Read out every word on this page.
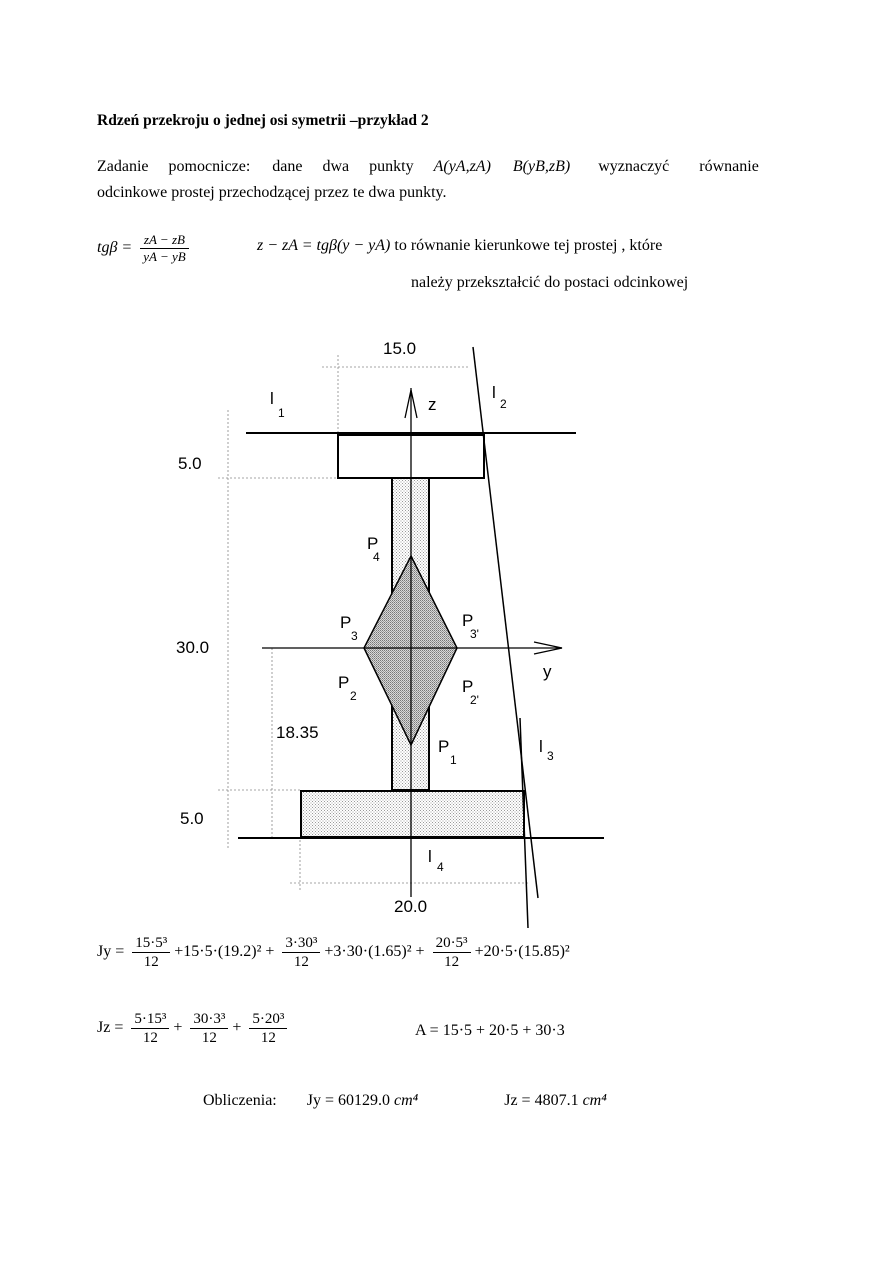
Rdzeń przekroju o jednej osi symetrii –przykład 2
Zadanie pomocnicze: dane dwa punkty A(yA,zA) B(yB,zB) wyznaczyć równanie
odcinkowe prostej przechodzącej przez te dwa punkty.
$tg\beta = \frac{zA - zB}{yA - yB}$	z − zA = tgβ(y − yA) to równanie kierunkowe tej prostej , które
należy przekształcić do postaci odcinkowej
15.0
5.0
30.0
18.35
5.0
20.0
z
y
l
1
l
2
l 3
l
4
P
1
P
2	P
2'
P
3
P
3'
P
4
$Jy = \frac{\text{15·5³}}{12} +15\cdot 5\cdot(19.2)^2 + \frac{\text{3·30³}}{12} +3\cdot 30\cdot(1.65)^2 + \frac{\text{20·5³}}{12} +20\cdot 5\cdot(15.85)^2$
$Jz = \frac{\text{5·15³}}{12} + \frac{\text{30·3³}}{12} + \frac{\text{5·20³}}{12}$	A = 15·5 + 20·5 + 30·3
Obliczenia: Jy = 60129.0 cm⁴	Jz = 4807.1 cm⁴
